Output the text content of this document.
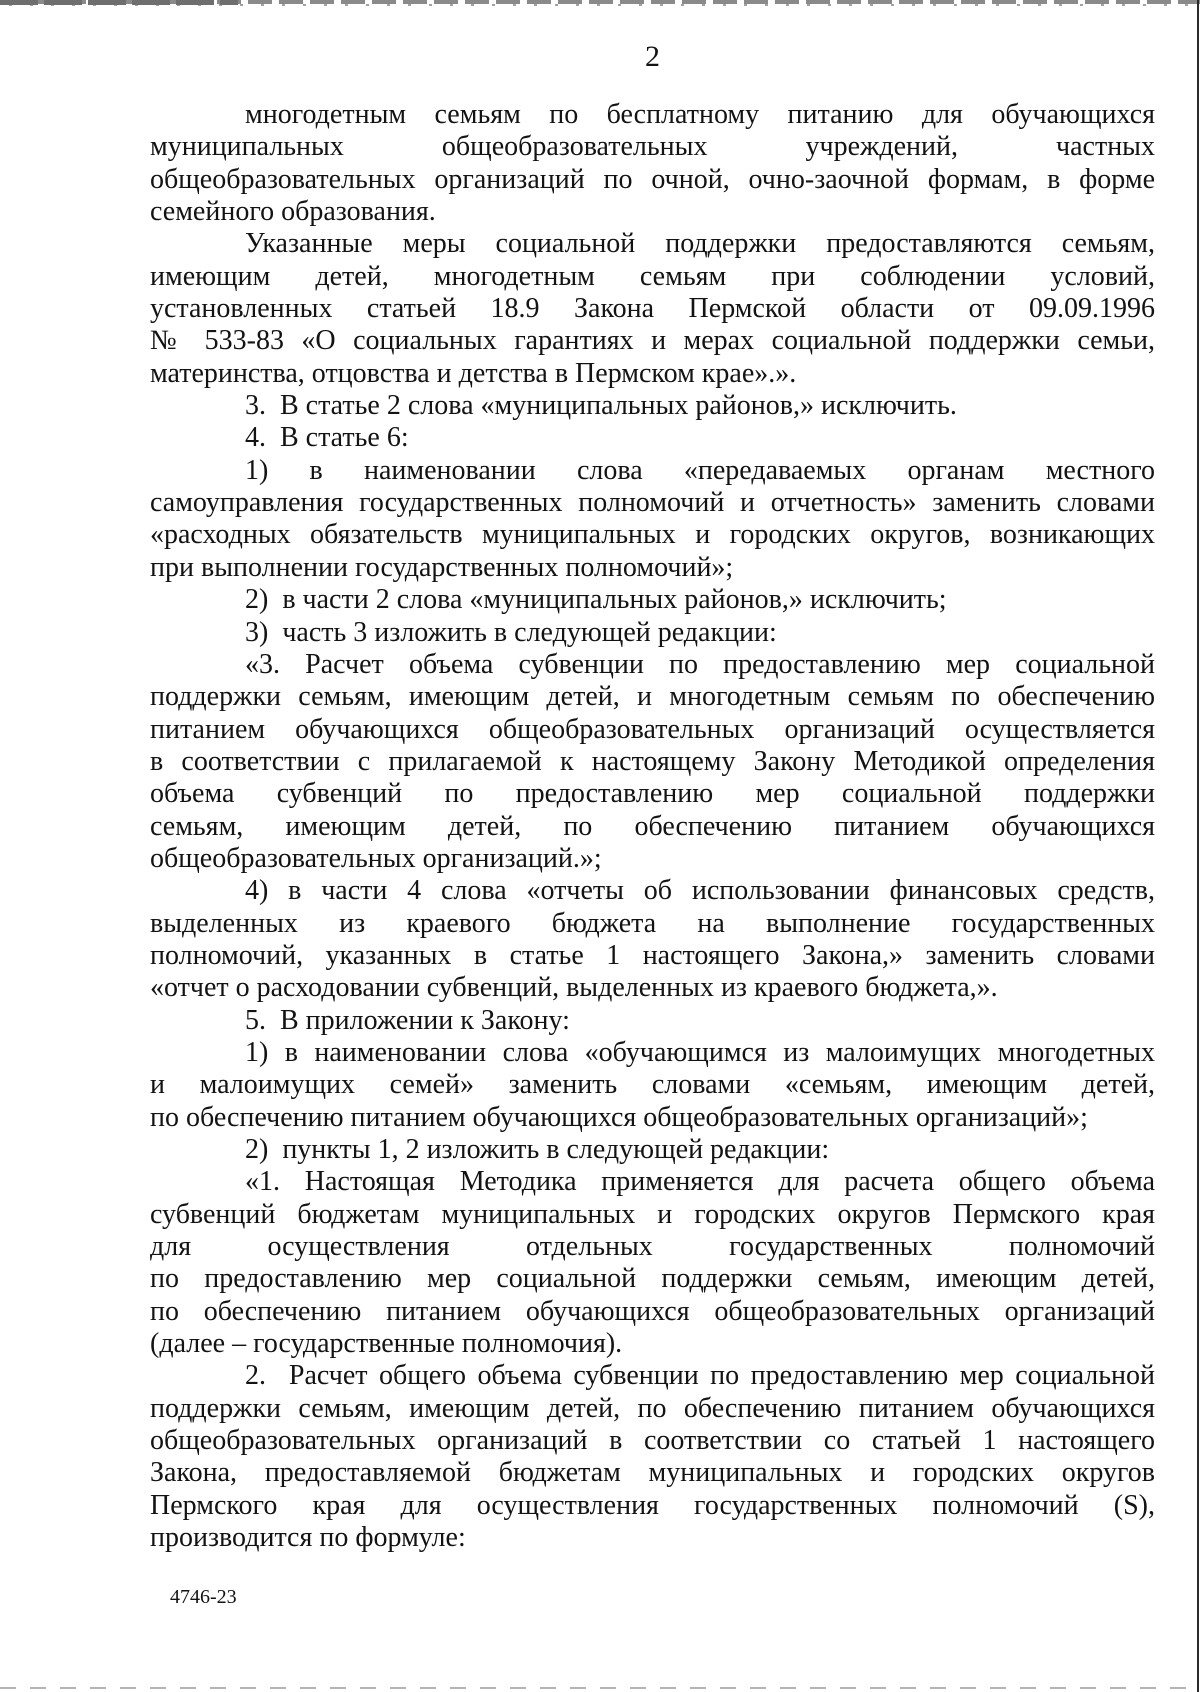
2
многодетным семьям по бесплатному питанию для обучающихся
муниципальных общеобразовательных учреждений, частных
общеобразовательных организаций по очной, очно-заочной формам, в форме
семейного образования.
Указанные меры социальной поддержки предоставляются семьям,
имеющим детей, многодетным семьям при соблюдении условий,
установленных статьей 18.9 Закона Пермской области от 09.09.1996
№ 533-83 «О социальных гарантиях и мерах социальной поддержки семьи,
материнства, отцовства и детства в Пермском крае».».
3.  В статье 2 слова «муниципальных районов,» исключить.
4.  В статье 6:
1) в наименовании слова «передаваемых органам местного
самоуправления государственных полномочий и отчетность» заменить словами
«расходных обязательств муниципальных и городских округов, возникающих
при выполнении государственных полномочий»;
2)  в части 2 слова «муниципальных районов,» исключить;
3)  часть 3 изложить в следующей редакции:
«3. Расчет объема субвенции по предоставлению мер социальной
поддержки семьям, имеющим детей, и многодетным семьям по обеспечению
питанием обучающихся общеобразовательных организаций осуществляется
в соответствии с прилагаемой к настоящему Закону Методикой определения
объема субвенций по предоставлению мер социальной поддержки
семьям, имеющим детей, по обеспечению питанием обучающихся
общеобразовательных организаций.»;
4) в части 4 слова «отчеты об использовании финансовых средств,
выделенных из краевого бюджета на выполнение государственных
полномочий, указанных в статье 1 настоящего Закона,» заменить словами
«отчет о расходовании субвенций, выделенных из краевого бюджета,».
5.  В приложении к Закону:
1) в наименовании слова «обучающимся из малоимущих многодетных
и малоимущих семей» заменить словами «семьям, имеющим детей,
по обеспечению питанием обучающихся общеобразовательных организаций»;
2)  пункты 1, 2 изложить в следующей редакции:
«1. Настоящая Методика применяется для расчета общего объема
субвенций бюджетам муниципальных и городских округов Пермского края
для осуществления отдельных государственных полномочий
по предоставлению мер социальной поддержки семьям, имеющим детей,
по обеспечению питанием обучающихся общеобразовательных организаций
(далее – государственные полномочия).
2.  Расчет общего объема субвенции по предоставлению мер социальной
поддержки семьям, имеющим детей, по обеспечению питанием обучающихся
общеобразовательных организаций в соответствии со статьей 1 настоящего
Закона, предоставляемой бюджетам муниципальных и городских округов
Пермского края для осуществления государственных полномочий (S),
производится по формуле:
4746-23
